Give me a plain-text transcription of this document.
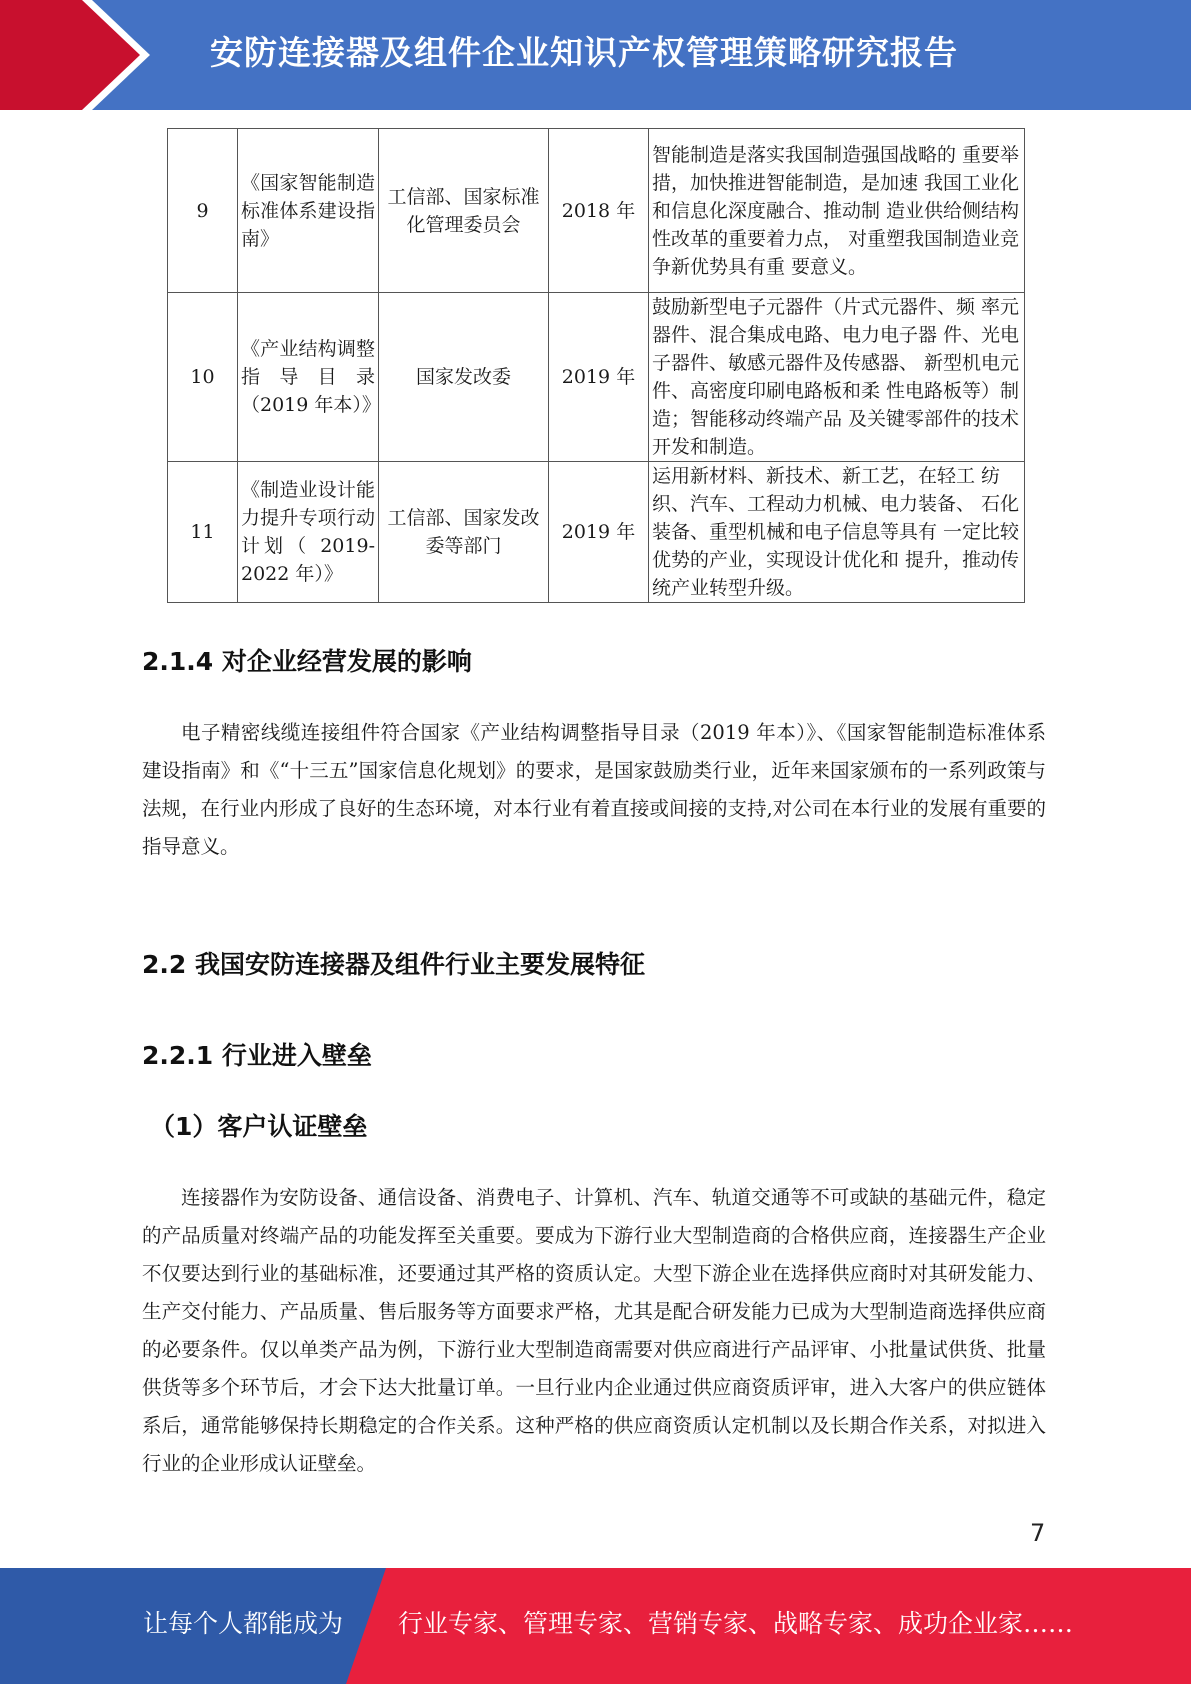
安防连接器及组件企业知识产权管理策略研究报告
9	《国家智能制造标准体系建设指南》	工信部、国家标准化管理委员会	2018 年	智能制造是落实我国制造强国战略的 重要举措，加快推进智能制造，是加速 我国工业化和信息化深度融合、推动制 造业供给侧结构性改革的重要着力点， 对重塑我国制造业竞争新优势具有重 要意义。
10	《产业结构调整指导目录（2019 年本）》	国家发改委	2019 年	鼓励新型电子元器件（片式元器件、频 率元器件、混合集成电路、电力电子器 件、光电子器件、敏感元器件及传感器、 新型机电元件、高密度印刷电路板和柔 性电路板等）制造；智能移动终端产品 及关键零部件的技术开发和制造。
11	《制造业设计能力提升专项行动计划（ 2019-2022 年）》	工信部、国家发改委等部门	2019 年	运用新材料、新技术、新工艺，在轻工 纺织、汽车、工程动力机械、电力装备、 石化装备、重型机械和电子信息等具有 一定比较优势的产业，实现设计优化和 提升，推动传统产业转型升级。
2.1.4 对企业经营发展的影响

电子精密线缆连接组件符合国家《产业结构调整指导目录（2019 年本）》、《国家智能制造标准体系建设指南》和《“十三五”国家信息化规划》的要求，是国家鼓励类行业，近年来国家颁布的一系列政策与法规，在行业内形成了良好的生态环境，对本行业有着直接或间接的支持,对公司在本行业的发展有重要的指导意义。

2.2 我国安防连接器及组件行业主要发展特征
2.2.1 行业进入壁垒
（1）客户认证壁垒

连接器作为安防设备、通信设备、消费电子、计算机、汽车、轨道交通等不可或缺的基础元件，稳定的产品质量对终端产品的功能发挥至关重要。要成为下游行业大型制造商的合格供应商，连接器生产企业不仅要达到行业的基础标准，还要通过其严格的资质认定。大型下游企业在选择供应商时对其研发能力、生产交付能力、产品质量、售后服务等方面要求严格，尤其是配合研发能力已成为大型制造商选择供应商的必要条件。仅以单类产品为例，下游行业大型制造商需要对供应商进行产品评审、小批量试供货、批量供货等多个环节后，才会下达大批量订单。一旦行业内企业通过供应商资质评审，进入大客户的供应链体系后，通常能够保持长期稳定的合作关系。这种严格的供应商资质认定机制以及长期合作关系，对拟进入行业的企业形成认证壁垒。

7
让每个人都能成为 行业专家、管理专家、营销专家、战略专家、成功企业家……
